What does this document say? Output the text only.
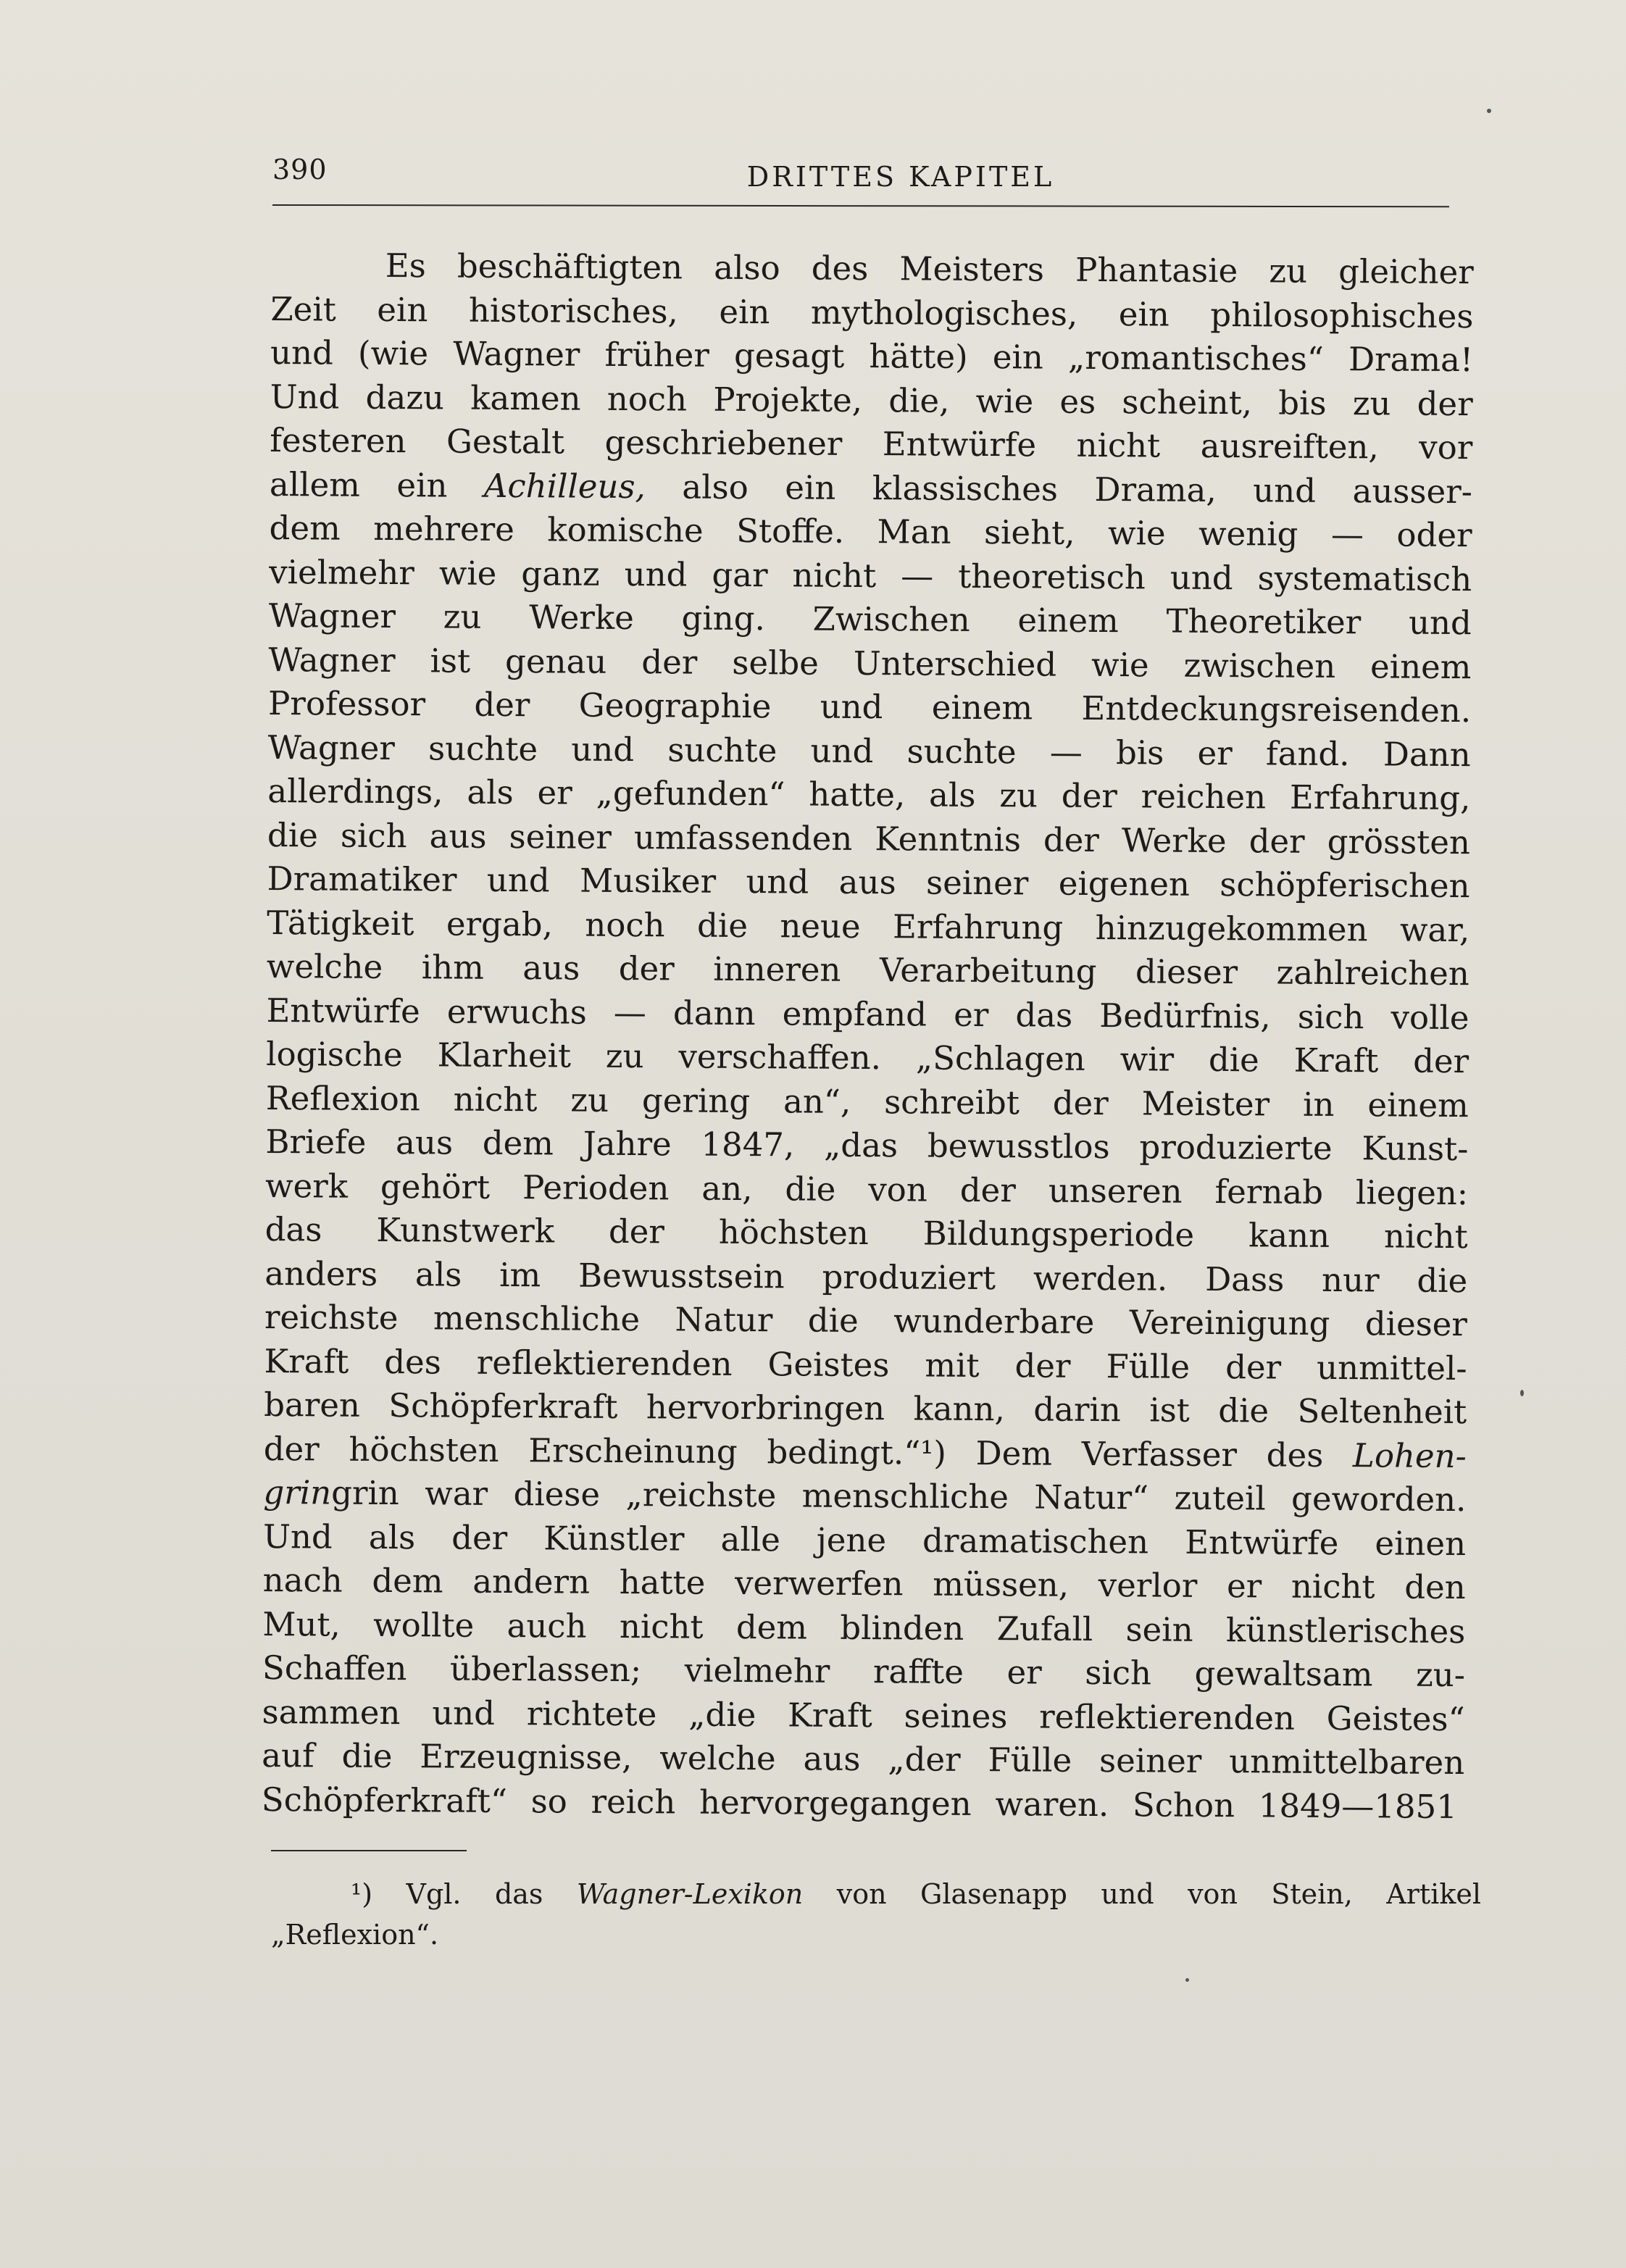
390	DRITTES KAPITEL
Es beschäftigten also des Meisters Phantasie zu gleicher
Zeit ein historisches, ein mythologisches, ein philosophisches
und (wie Wagner früher gesagt hätte) ein „romantisches“ Drama!
Und dazu kamen noch Projekte, die, wie es scheint, bis zu der
festeren Gestalt geschriebener Entwürfe nicht ausreiften, vor
allem ein Achilleus, also ein klassisches Drama, und ausser-
dem mehrere komische Stoffe. Man sieht, wie wenig — oder
vielmehr wie ganz und gar nicht — theoretisch und systematisch
Wagner zu Werke ging. Zwischen einem Theoretiker und
Wagner ist genau der selbe Unterschied wie zwischen einem
Professor der Geographie und einem Entdeckungsreisenden.
Wagner suchte und suchte und suchte — bis er fand. Dann
allerdings, als er „gefunden“ hatte, als zu der reichen Erfahrung,
die sich aus seiner umfassenden Kenntnis der Werke der grössten
Dramatiker und Musiker und aus seiner eigenen schöpferischen
Tätigkeit ergab, noch die neue Erfahrung hinzugekommen war,
welche ihm aus der inneren Verarbeitung dieser zahlreichen
Entwürfe erwuchs — dann empfand er das Bedürfnis, sich volle
logische Klarheit zu verschaffen. „Schlagen wir die Kraft der
Reflexion nicht zu gering an“, schreibt der Meister in einem
Briefe aus dem Jahre 1847, „das bewusstlos produzierte Kunst-
werk gehört Perioden an, die von der unseren fernab liegen:
das Kunstwerk der höchsten Bildungsperiode kann nicht
anders als im Bewusstsein produziert werden. Dass nur die
reichste menschliche Natur die wunderbare Vereinigung dieser
Kraft des reflektierenden Geistes mit der Fülle der unmittel-
baren Schöpferkraft hervorbringen kann, darin ist die Seltenheit
der höchsten Erscheinung bedingt.“¹) Dem Verfasser des Lohen-
gringrin war diese „reichste menschliche Natur“ zuteil geworden.
Und als der Künstler alle jene dramatischen Entwürfe einen
nach dem andern hatte verwerfen müssen, verlor er nicht den
Mut, wollte auch nicht dem blinden Zufall sein künstlerisches
Schaffen überlassen; vielmehr raffte er sich gewaltsam zu-
sammen und richtete „die Kraft seines reflektierenden Geistes“
auf die Erzeugnisse, welche aus „der Fülle seiner unmittelbaren
Schöpferkraft“ so reich hervorgegangen waren. Schon 1849—1851
¹) Vgl. das Wagner-Lexikon von Glasenapp und von Stein, Artikel
„Reflexion“.
